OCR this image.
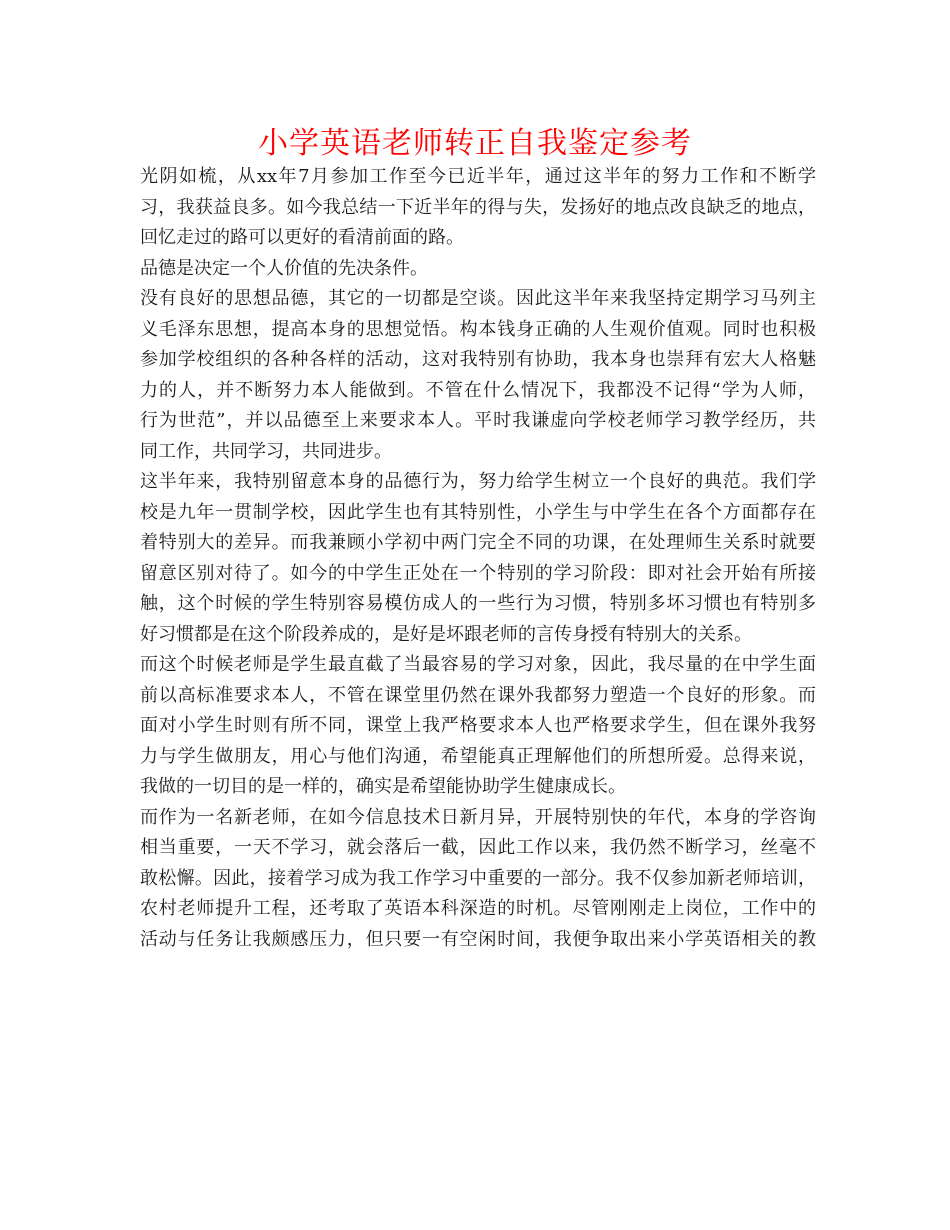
小学英语老师转正自我鉴定参考
光阴如梳，从xx年7月参加工作至今已近半年，通过这半年的努力工作和不断学
习，我获益良多。如今我总结一下近半年的得与失，发扬好的地点改良缺乏的地点，
回忆走过的路可以更好的看清前面的路。
品德是决定一个人价值的先决条件。
没有良好的思想品德，其它的一切都是空谈。因此这半年来我坚持定期学习马列主
义毛泽东思想，提高本身的思想觉悟。构本钱身正确的人生观价值观。同时也积极
参加学校组织的各种各样的活动，这对我特别有协助，我本身也崇拜有宏大人格魅
力的人，并不断努力本人能做到。不管在什么情况下，我都没不记得“学为人师，
行为世范”，并以品德至上来要求本人。平时我谦虚向学校老师学习教学经历，共
同工作，共同学习，共同进步。
这半年来，我特别留意本身的品德行为，努力给学生树立一个良好的典范。我们学
校是九年一贯制学校，因此学生也有其特别性，小学生与中学生在各个方面都存在
着特别大的差异。而我兼顾小学初中两门完全不同的功课，在处理师生关系时就要
留意区别对待了。如今的中学生正处在一个特别的学习阶段：即对社会开始有所接
触，这个时候的学生特别容易模仿成人的一些行为习惯，特别多坏习惯也有特别多
好习惯都是在这个阶段养成的，是好是坏跟老师的言传身授有特别大的关系。
而这个时候老师是学生最直截了当最容易的学习对象，因此，我尽量的在中学生面
前以高标准要求本人，不管在课堂里仍然在课外我都努力塑造一个良好的形象。而
面对小学生时则有所不同，课堂上我严格要求本人也严格要求学生，但在课外我努
力与学生做朋友，用心与他们沟通，希望能真正理解他们的所想所爱。总得来说，
我做的一切目的是一样的，确实是希望能协助学生健康成长。
而作为一名新老师，在如今信息技术日新月异，开展特别快的年代，本身的学咨询
相当重要，一天不学习，就会落后一截，因此工作以来，我仍然不断学习，丝毫不
敢松懈。因此，接着学习成为我工作学习中重要的一部分。我不仅参加新老师培训，
农村老师提升工程，还考取了英语本科深造的时机。尽管刚刚走上岗位，工作中的
活动与任务让我颇感压力，但只要一有空闲时间，我便争取出来小学英语相关的教
